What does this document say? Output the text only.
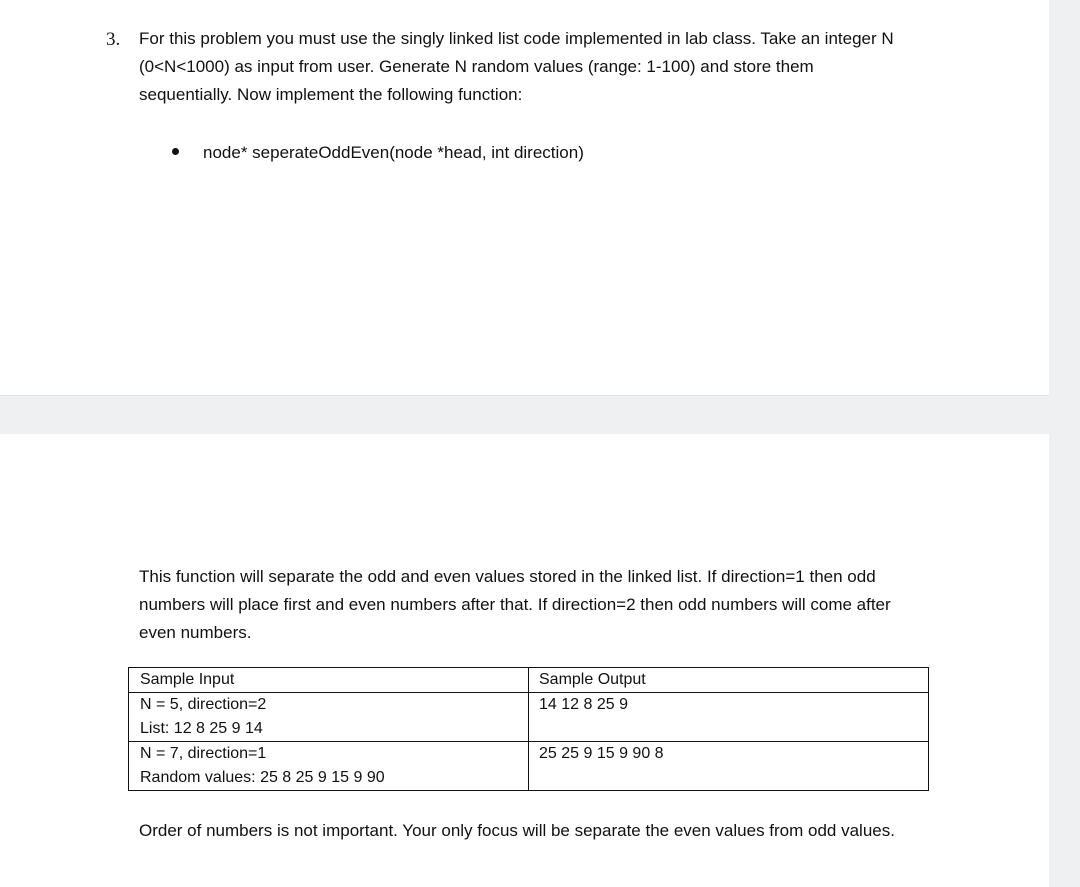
3. For this problem you must use the singly linked list code implemented in lab class. Take an integer N (0<N<1000) as input from user. Generate N random values (range: 1-100) and store them sequentially. Now implement the following function:

node* seperateOddEven(node *head, int direction)

This function will separate the odd and even values stored in the linked list. If direction=1 then odd numbers will place first and even numbers after that. If direction=2 then odd numbers will come after even numbers.

Sample Input	Sample Output

N = 5, direction=2
List: 12 8 25 9 14	14 12 8 25 9

N = 7, direction=1
Random values: 25 8 25 9 15 9 90	25 25 9 15 9 90 8

Order of numbers is not important. Your only focus will be separate the even values from odd values.
